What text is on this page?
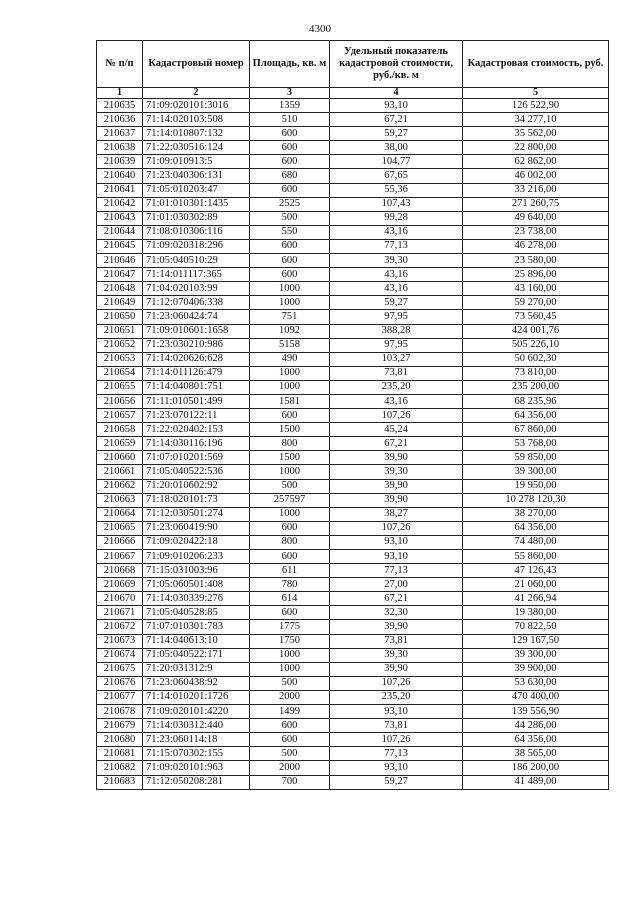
4300
№ п/п	Кадастровый номер	Площадь, кв. м	Удельный показатель кадастровой стоимости, руб./кв. м	Кадастровая стоимость, руб.
1	2	3	4	5
210635	71:09:020101:3016	1359	93,10	126 522,90
210636	71:14:020103:508	510	67,21	34 277,10
210637	71:14:010807:132	600	59,27	35 562,00
210638	71:22:030516:124	600	38,00	22 800,00
210639	71:09:010913:5	600	104,77	62 862,00
210640	71:23:040306:131	680	67,65	46 002,00
210641	71:05:010203:47	600	55,36	33 216,00
210642	71:01:010301:1435	2525	107,43	271 260,75
210643	71:01:030302:89	500	99,28	49 640,00
210644	71:08:010306:116	550	43,16	23 738,00
210645	71:09:020318:296	600	77,13	46 278,00
210646	71:05:040510:29	600	39,30	23 580,00
210647	71:14:011117:365	600	43,16	25 896,00
210648	71:04:020103:99	1000	43,16	43 160,00
210649	71:12:070406:338	1000	59,27	59 270,00
210650	71:23:060424:74	751	97,95	73 560,45
210651	71:09:010601:1658	1092	388,28	424 001,76
210652	71:23:030210:986	5158	97,95	505 226,10
210653	71:14:020626:628	490	103,27	50 602,30
210654	71:14:011126:479	1000	73,81	73 810,00
210655	71:14:040801:751	1000	235,20	235 200,00
210656	71:11:010501:499	1581	43,16	68 235,96
210657	71:23:070122:11	600	107,26	64 356,00
210658	71:22:020402:153	1500	45,24	67 860,00
210659	71:14:030116:196	800	67,21	53 768,00
210660	71:07:010201:569	1500	39,90	59 850,00
210661	71:05:040522:536	1000	39,30	39 300,00
210662	71:20:010602:92	500	39,90	19 950,00
210663	71:18:020101:73	257597	39,90	10 278 120,30
210664	71:12:030501:274	1000	38,27	38 270,00
210665	71:23:060419:90	600	107,26	64 356,00
210666	71:09:020422:18	800	93,10	74 480,00
210667	71:09:010206:233	600	93,10	55 860,00
210668	71:15:031003:96	611	77,13	47 126,43
210669	71:05:060501:408	780	27,00	21 060,00
210670	71:14:030339:276	614	67,21	41 266,94
210671	71:05:040528:85	600	32,30	19 380,00
210672	71:07:010301:783	1775	39,90	70 822,50
210673	71:14:040613:10	1750	73,81	129 167,50
210674	71:05:040522:171	1000	39,30	39 300,00
210675	71:20:031312:9	1000	39,90	39 900,00
210676	71:23:060438:92	500	107,26	53 630,00
210677	71:14:010201:1726	2000	235,20	470 400,00
210678	71:09:020101:4220	1499	93,10	139 556,90
210679	71:14:030312:440	600	73,81	44 286,00
210680	71:23:060114:18	600	107,26	64 356,00
210681	71:15:070302:155	500	77,13	38 565,00
210682	71:09:020101:963	2000	93,10	186 200,00
210683	71:12:050208:281	700	59,27	41 489,00
